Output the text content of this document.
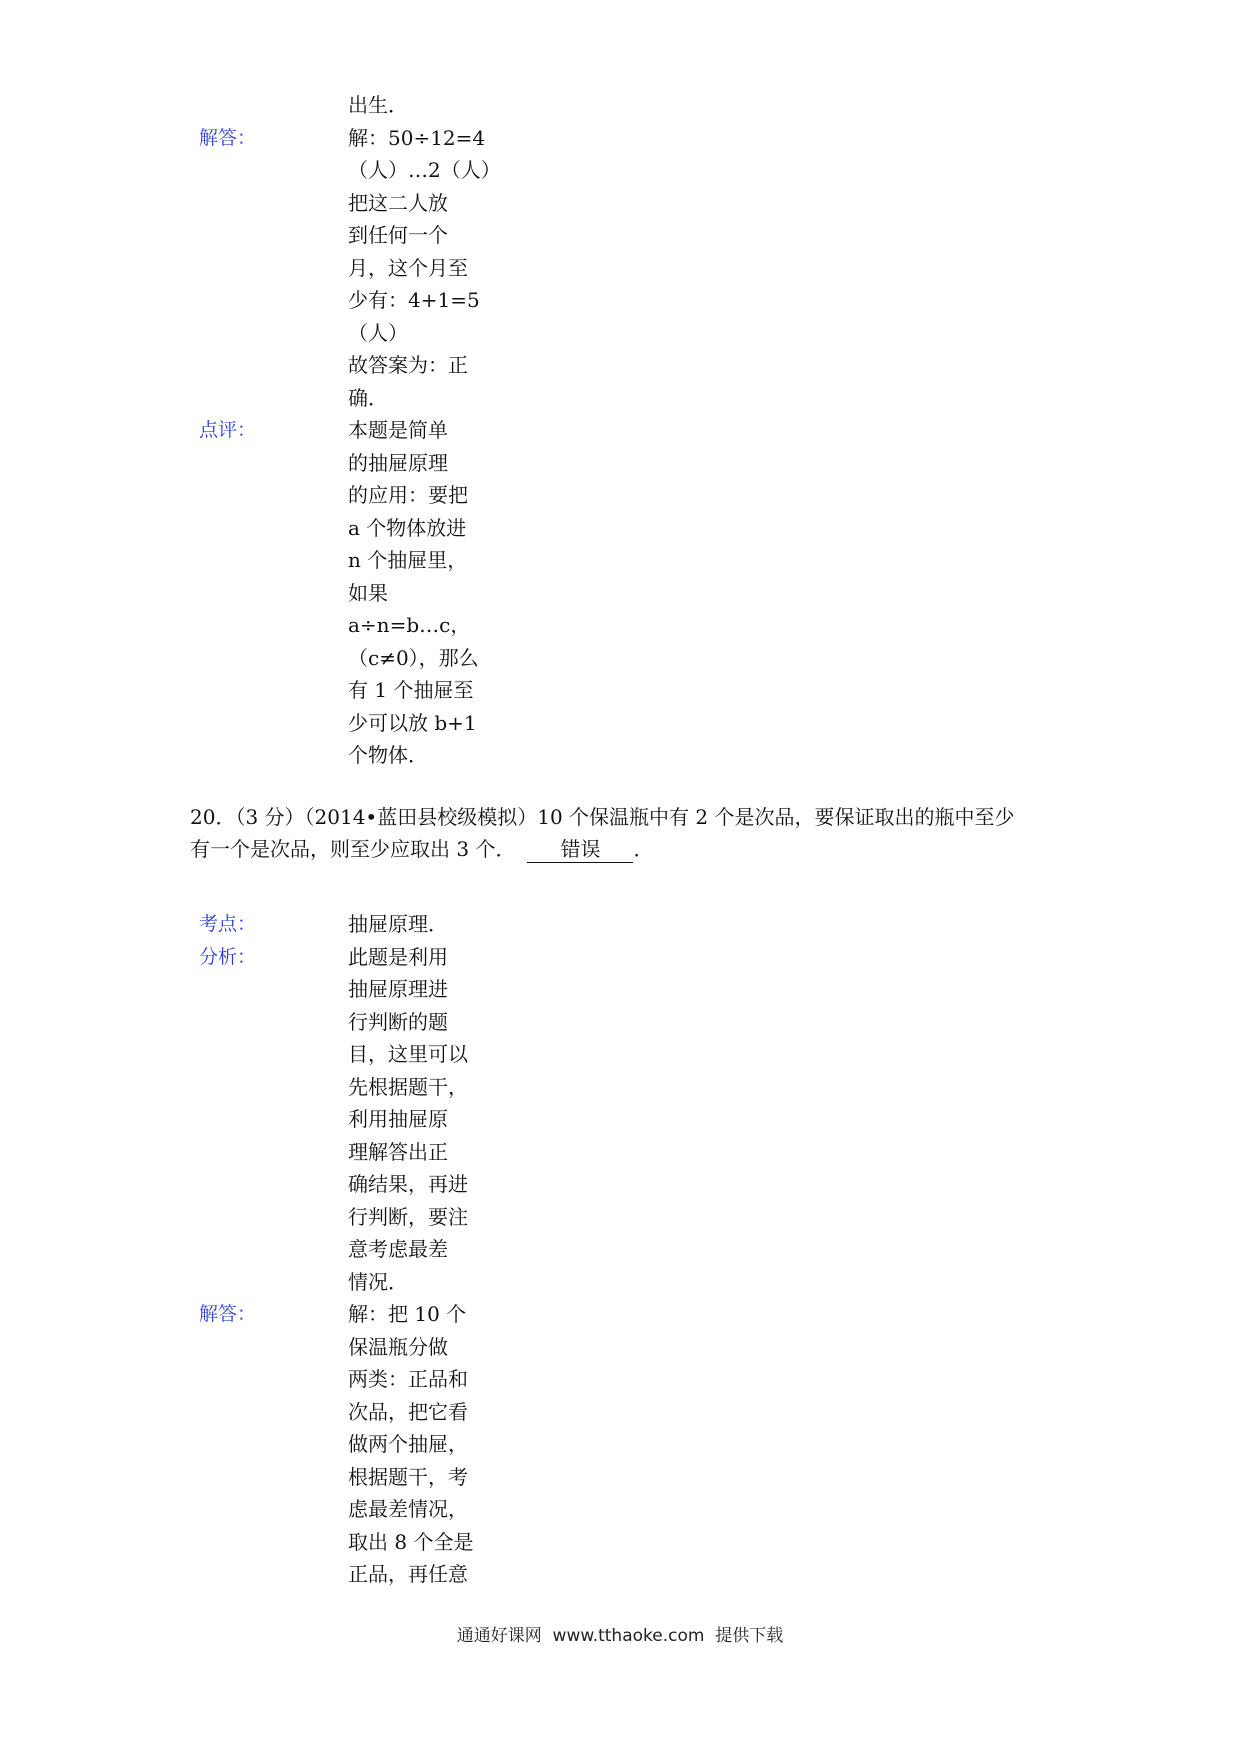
出生．
解答：	解：50÷12=4
（人）…2（人）
把这二人放
到任何一个
月，这个月至
少有：4+1=5
（人）
故答案为：正
确．
点评：	本题是简单
的抽屉原理
的应用：要把
a 个物体放进
n 个抽屉里，
如果
a÷n=b…c，
（c≠0），那么
有 1 个抽屉至
少可以放 b+1
个物体．
20．（3 分）（2014•蓝田县校级模拟）10 个保温瓶中有 2 个是次品，要保证取出的瓶中至少
有一个是次品，则至少应取出 3 个． 错误 ．
考点：	抽屉原理．
分析：	此题是利用
抽屉原理进
行判断的题
目，这里可以
先根据题干，
利用抽屉原
理解答出正
确结果，再进
行判断，要注
意考虑最差
情况．
解答：	解：把 10 个
保温瓶分做
两类：正品和
次品，把它看
做两个抽屉，
根据题干，考
虑最差情况，
取出 8 个全是
正品，再任意
通通好课网  www.tthaoke.com  提供下载
